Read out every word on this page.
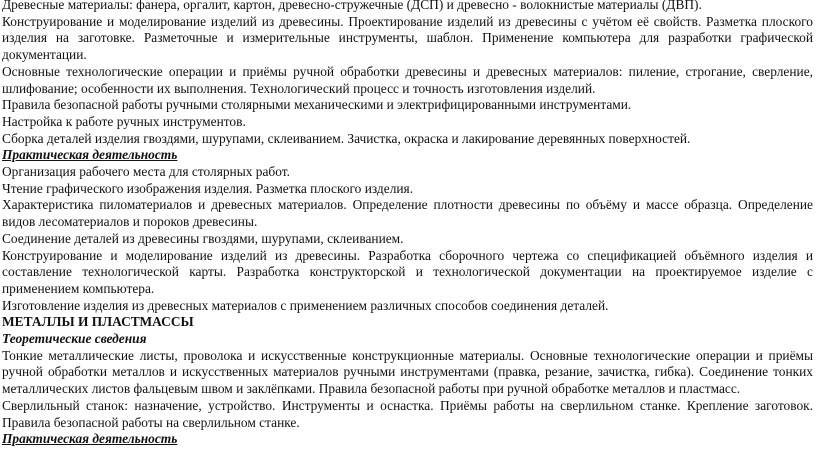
Древесные материалы: фанера, оргалит, картон, древесно-стружечные (ДСП) и древесно - волокнистые материалы (ДВП).

Конструирование и моделирование изделий из древесины. Проектирование изделий из древесины с учётом её свойств. Разметка плоского изделия на заготовке. Разметочные и измерительные инструменты, шаблон. Применение компьютера для разработки графической документации.

Основные технологические операции и приёмы ручной обработки древесины и древесных материалов: пиление, строгание, сверление, шлифование; особенности их выполнения. Технологический процесс и точность изготовления изделий.

Правила безопасной работы ручными столярными механическими и электрифицированными инструментами.

Настройка к работе ручных инструментов.

Сборка деталей изделия гвоздями, шурупами, склеиванием. Зачистка, окраска и лакирование деревянных поверхностей.

Практическая деятельность

Организация рабочего места для столярных работ.

Чтение графического изображения изделия. Разметка плоского изделия.

Характеристика пиломатериалов и древесных материалов. Определение плотности древесины по объёму и массе образца. Определение видов лесоматериалов и пороков древесины.

Соединение деталей из древесины гвоздями, шурупами, склеиванием.

Конструирование и моделирование изделий из древесины. Разработка сборочного чертежа со спецификацией объёмного изделия и составление технологической карты. Разработка конструкторской и технологической документации на проектируемое изделие с применением компьютера.

Изготовление изделия из древесных материалов с применением различных способов соединения деталей.

МЕТАЛЛЫ И ПЛАСТМАССЫ

Теоретические сведения

Тонкие металлические листы, проволока и искусственные конструкционные материалы. Основные технологические операции и приёмы ручной обработки металлов и искусственных материалов ручными инструментами (правка, резание, зачистка, гибка). Соединение тонких металлических листов фальцевым швом и заклёпками. Правила безопасной работы при ручной обработке металлов и пластмасс.

Сверлильный станок: назначение, устройство. Инструменты и оснастка. Приёмы работы на сверлильном станке. Крепление заготовок. Правила безопасной работы на сверлильном станке.

Практическая деятельность
